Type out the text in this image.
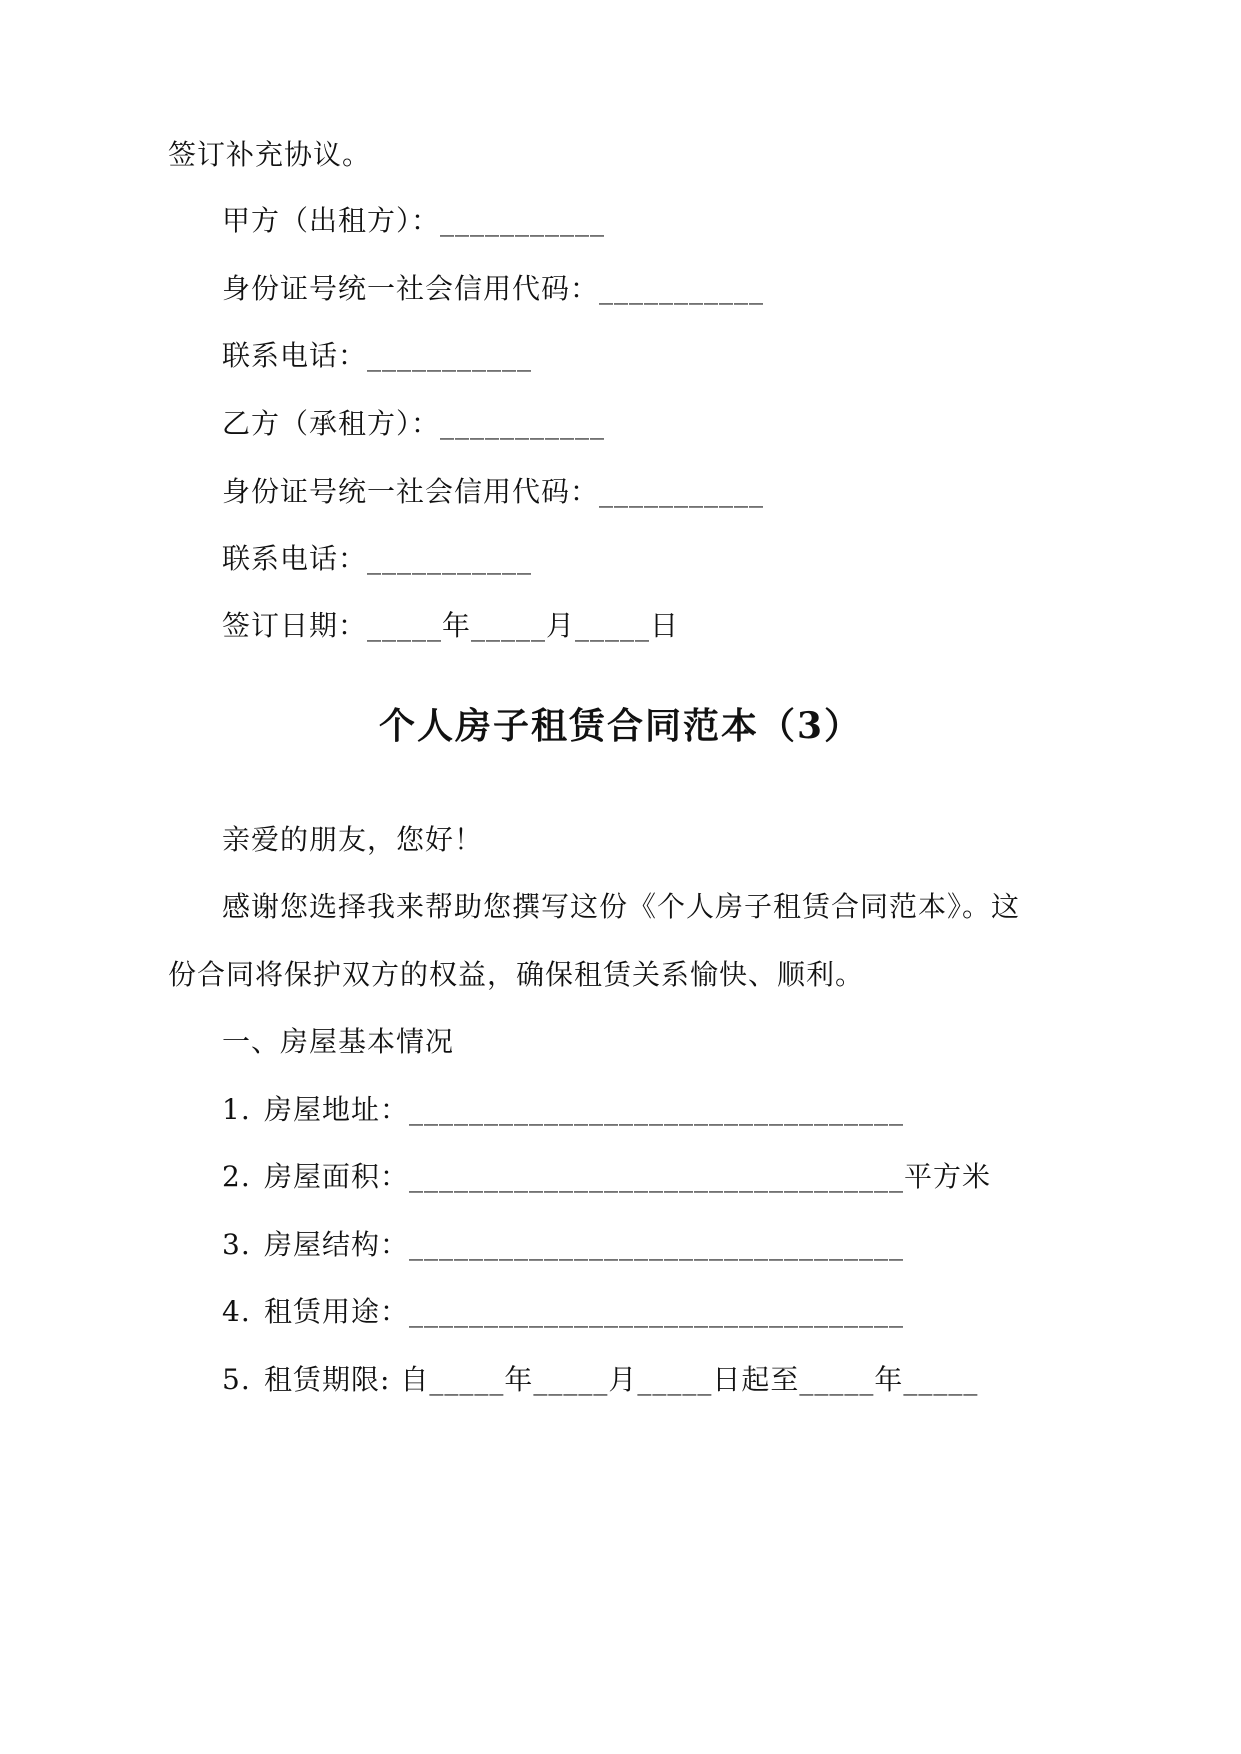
签订补充协议。
甲方（出租方）：___________
身份证号统一社会信用代码：___________
联系电话：___________
乙方（承租方）：___________
身份证号统一社会信用代码：___________
联系电话：___________
签订日期：_____年_____月_____日
个人房子租赁合同范本（3）
亲爱的朋友，您好！
感谢您选择我来帮助您撰写这份《个人房子租赁合同范本》。这
份合同将保护双方的权益，确保租赁关系愉快、顺利。
一、房屋基本情况
1. 房屋地址：_________________________________
2. 房屋面积：_________________________________平方米
3. 房屋结构：_________________________________
4. 租赁用途：_________________________________
5. 租赁期限: 自_____年_____月_____日起至_____年_____
